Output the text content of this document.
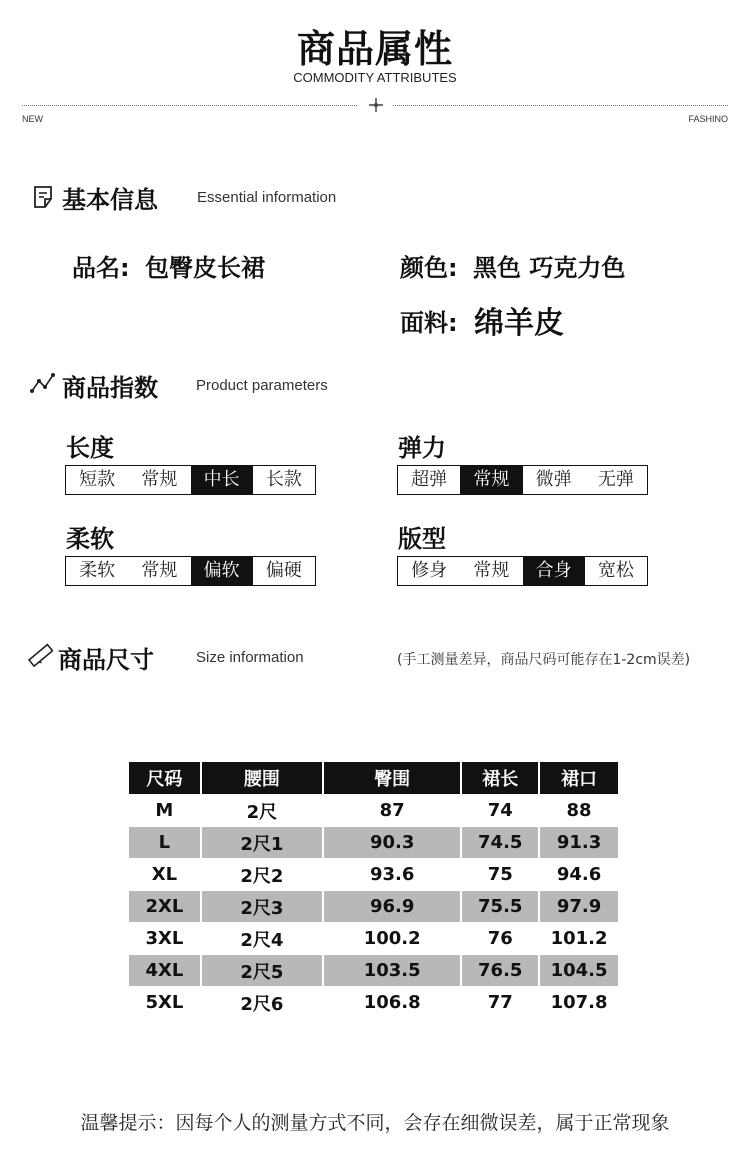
商品属性
COMMODITY ATTRIBUTES
NEW	FASHINO
基本信息	Essential information
品名: 包臀皮长裙	颜色: 黑色 巧克力色
面料: 绵羊皮
商品指数	Product parameters
长度
短款	常规	中长	长款
弹力
超弹	常规	微弹	无弹
柔软
柔软	常规	偏软	偏硬
版型
修身	常规	合身	宽松
商品尺寸	Size information	(手工测量差异，商品尺码可能存在1-2cm误差)
尺码	腰围	臀围	裙长	裙口
M	2尺	87	74	88
L	2尺1	90.3	74.5	91.3
XL	2尺2	93.6	75	94.6
2XL	2尺3	96.9	75.5	97.9
3XL	2尺4	100.2	76	101.2
4XL	2尺5	103.5	76.5	104.5
5XL	2尺6	106.8	77	107.8
温馨提示：因每个人的测量方式不同，会存在细微误差，属于正常现象
